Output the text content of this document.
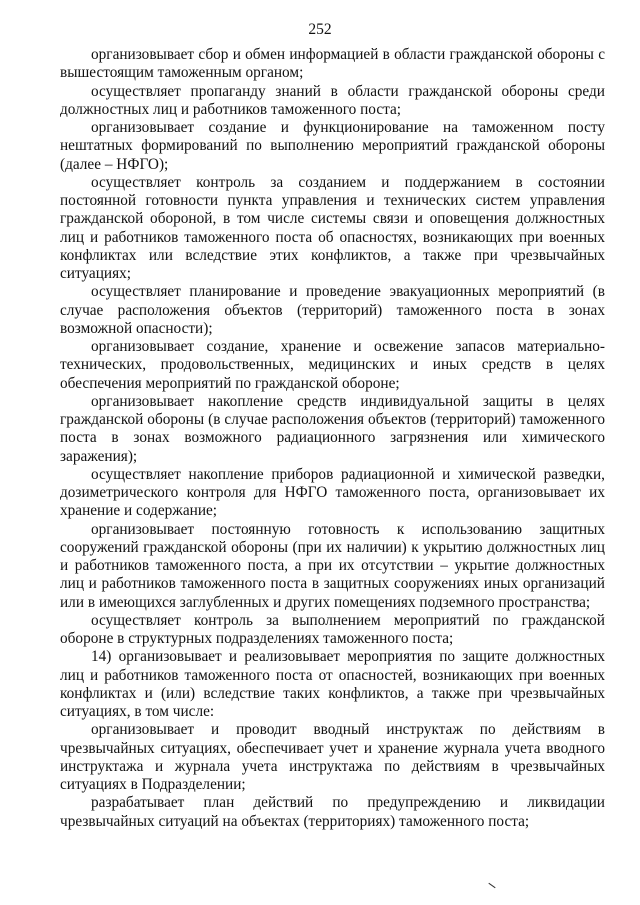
252

организовывает сбор и обмен информацией в области гражданской обороны с вышестоящим таможенным органом;

осуществляет пропаганду знаний в области гражданской обороны среди должностных лиц и работников таможенного поста;

организовывает создание и функционирование на таможенном посту нештатных формирований по выполнению мероприятий гражданской обороны (далее – НФГО);

осуществляет контроль за созданием и поддержанием в состоянии постоянной готовности пункта управления и технических систем управления гражданской обороной, в том числе системы связи и оповещения должностных лиц и работников таможенного поста об опасностях, возникающих при военных конфликтах или вследствие этих конфликтов, а также при чрезвычайных ситуациях;

осуществляет планирование и проведение эвакуационных мероприятий (в случае расположения объектов (территорий) таможенного поста в зонах возможной опасности);

организовывает создание, хранение и освежение запасов материально-технических, продовольственных, медицинских и иных средств в целях обеспечения мероприятий по гражданской обороне;

организовывает накопление средств индивидуальной защиты в целях гражданской обороны (в случае расположения объектов (территорий) таможенного поста в зонах возможного радиационного загрязнения или химического заражения);

осуществляет накопление приборов радиационной и химической разведки, дозиметрического контроля для НФГО таможенного поста, организовывает их хранение и содержание;

организовывает постоянную готовность к использованию защитных сооружений гражданской обороны (при их наличии) к укрытию должностных лиц и работников таможенного поста, а при их отсутствии – укрытие должностных лиц и работников таможенного поста в защитных сооружениях иных организаций или в имеющихся заглубленных и других помещениях подземного пространства;

осуществляет контроль за выполнением мероприятий по гражданской обороне в структурных подразделениях таможенного поста;

14) организовывает и реализовывает мероприятия по защите должностных лиц и работников таможенного поста от опасностей, возникающих при военных конфликтах и (или) вследствие таких конфликтов, а также при чрезвычайных ситуациях, в том числе:

организовывает и проводит вводный инструктаж по действиям в чрезвычайных ситуациях, обеспечивает учет и хранение журнала учета вводного инструктажа и журнала учета инструктажа по действиям в чрезвычайных ситуациях в Подразделении;

разрабатывает план действий по предупреждению и ликвидации чрезвычайных ситуаций на объектах (территориях) таможенного поста;
